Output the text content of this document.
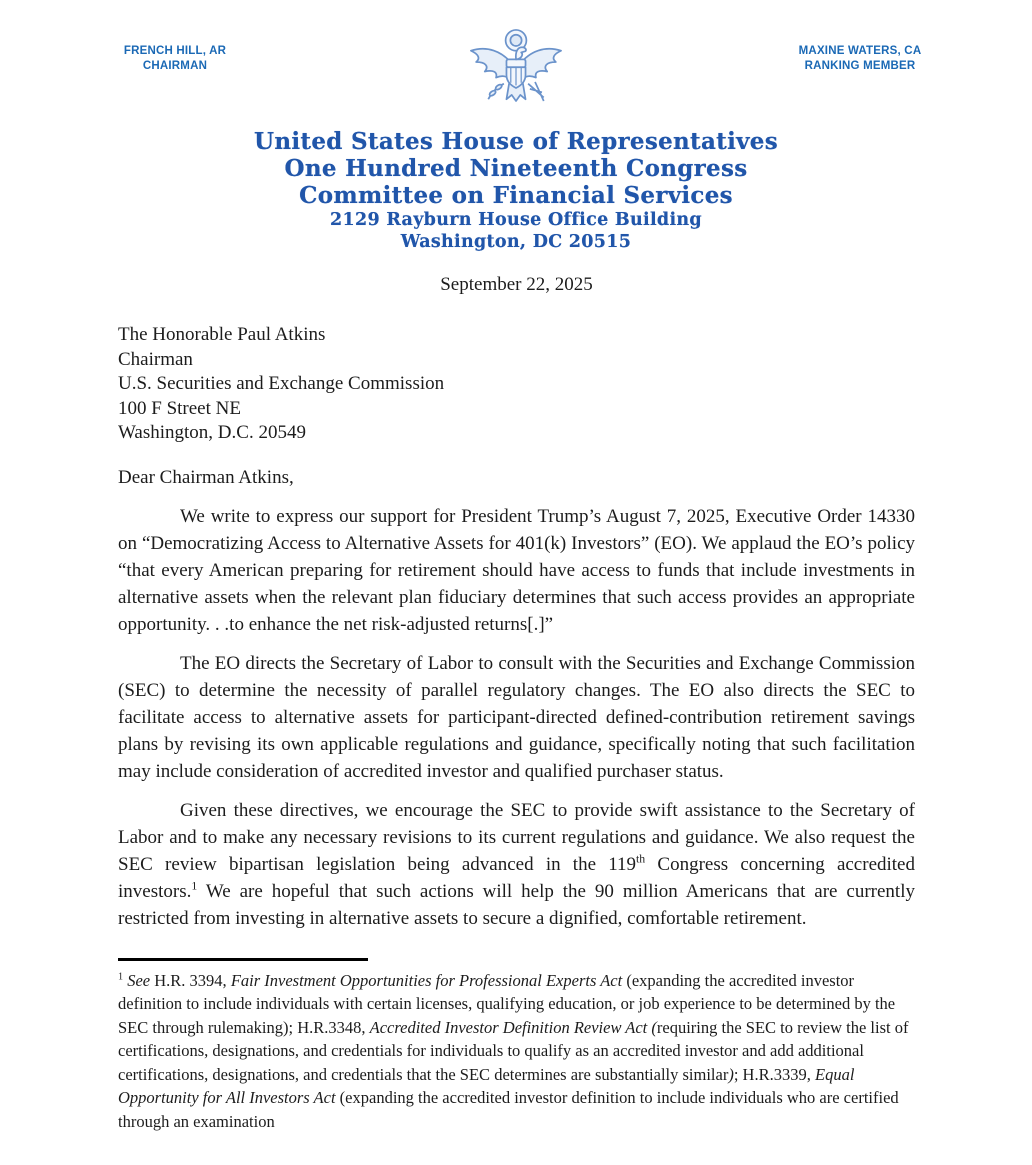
FRENCH HILL, AR
CHAIRMAN
MAXINE WATERS, CA
RANKING MEMBER
United States House of Representatives
One Hundred Nineteenth Congress
Committee on Financial Services
2129 Rayburn House Office Building
Washington, DC 20515
September 22, 2025
The Honorable Paul Atkins
Chairman
U.S. Securities and Exchange Commission
100 F Street NE
Washington, D.C. 20549
Dear Chairman Atkins,
We write to express our support for President Trump’s August 7, 2025, Executive Order 14330 on “Democratizing Access to Alternative Assets for 401(k) Investors” (EO). We applaud the EO’s policy “that every American preparing for retirement should have access to funds that include investments in alternative assets when the relevant plan fiduciary determines that such access provides an appropriate opportunity. . .to enhance the net risk-adjusted returns[.]”
The EO directs the Secretary of Labor to consult with the Securities and Exchange Commission (SEC) to determine the necessity of parallel regulatory changes. The EO also directs the SEC to facilitate access to alternative assets for participant-directed defined-contribution retirement savings plans by revising its own applicable regulations and guidance, specifically noting that such facilitation may include consideration of accredited investor and qualified purchaser status.
Given these directives, we encourage the SEC to provide swift assistance to the Secretary of Labor and to make any necessary revisions to its current regulations and guidance. We also request the SEC review bipartisan legislation being advanced in the 119th Congress concerning accredited investors.$^1$ We are hopeful that such actions will help the 90 million Americans that are currently restricted from investing in alternative assets to secure a dignified, comfortable retirement.
$^1$ See H.R. 3394, Fair Investment Opportunities for Professional Experts Act (expanding the accredited investor definition to include individuals with certain licenses, qualifying education, or job experience to be determined by the SEC through rulemaking); H.R.3348, Accredited Investor Definition Review Act (requiring the SEC to review the list of certifications, designations, and credentials for individuals to qualify as an accredited investor and add additional certifications, designations, and credentials that the SEC determines are substantially similar); H.R.3339, Equal Opportunity for All Investors Act (expanding the accredited investor definition to include individuals who are certified through an examination
